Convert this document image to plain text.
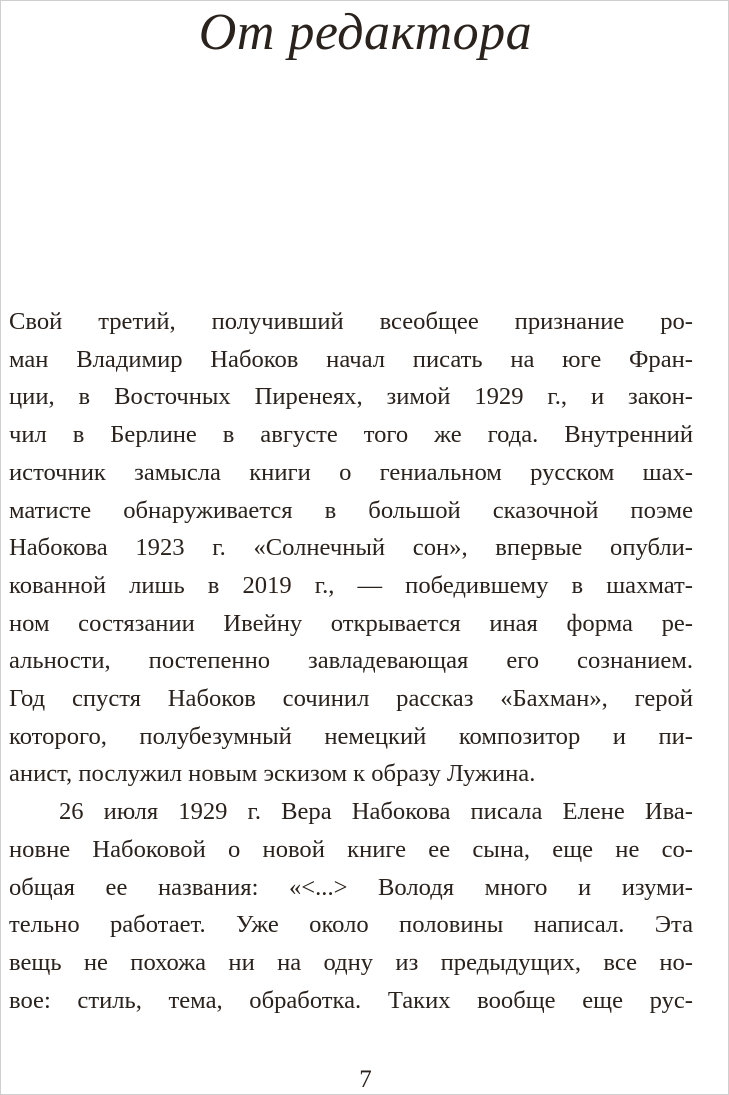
От редактора
Свой третий, получивший всеобщее признание ро-
ман Владимир Набоков начал писать на юге Фран-
ции, в Восточных Пиренеях, зимой 1929 г., и закон-
чил в Берлине в августе того же года. Внутренний
источник замысла книги о гениальном русском шах-
матисте обнаруживается в большой сказочной поэме
Набокова 1923 г. «Солнечный сон», впервые опубли-
кованной лишь в 2019 г., — победившему в шахмат-
ном состязании Ивейну открывается иная форма ре-
альности, постепенно завладевающая его сознанием.
Год спустя Набоков сочинил рассказ «Бахман», герой
которого, полубезумный немецкий композитор и пи-
анист, послужил новым эскизом к образу Лужина.
26 июля 1929 г. Вера Набокова писала Елене Ива-
новне Набоковой о новой книге ее сына, еще не со-
общая ее названия: «<...> Володя много и изуми-
тельно работает. Уже около половины написал. Эта
вещь не похожа ни на одну из предыдущих, все но-
вое: стиль, тема, обработка. Таких вообще еще рус-
7
